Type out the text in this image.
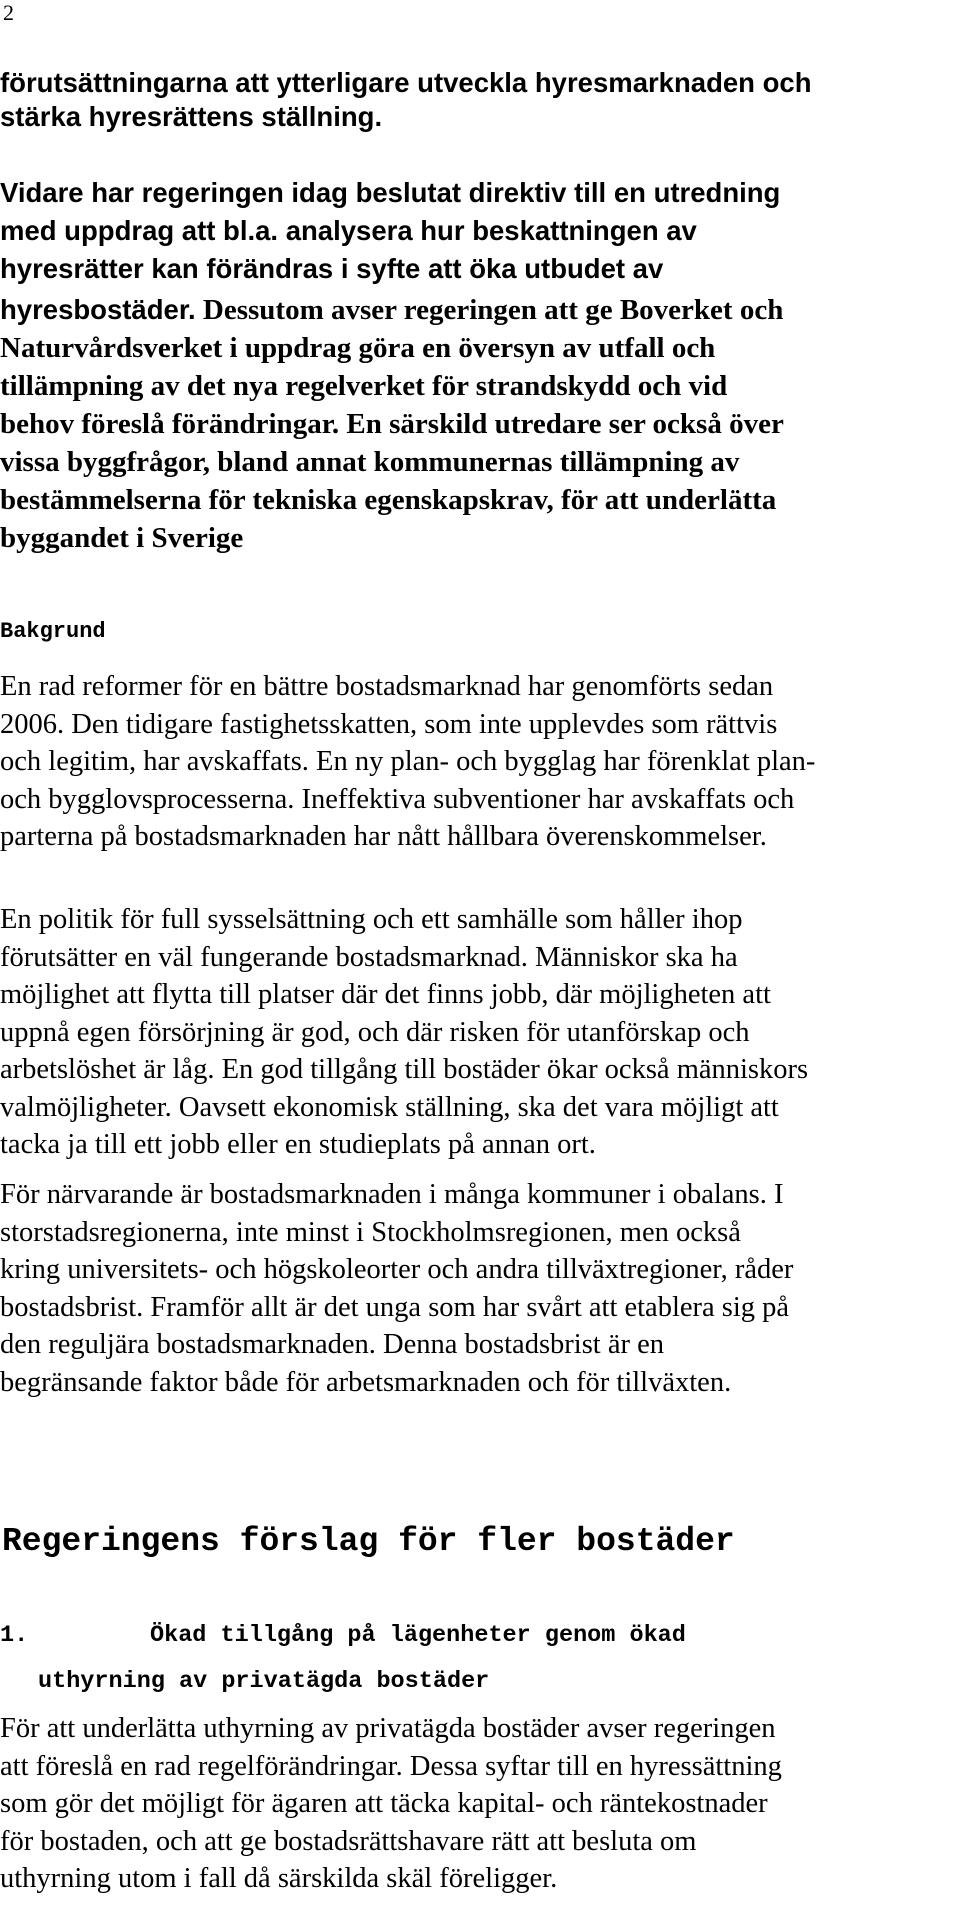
2
förutsättningarna att ytterligare utveckla hyresmarknaden och
stärka hyresrättens ställning.
Vidare har regeringen idag beslutat direktiv till en utredning
med uppdrag att bl.a. analysera hur beskattningen av
hyresrätter kan förändras i syfte att öka utbudet av
hyresbostäder. Dessutom avser regeringen att ge Boverket och
Naturvårdsverket i uppdrag göra en översyn av utfall och
tillämpning av det nya regelverket för strandskydd och vid
behov föreslå förändringar. En särskild utredare ser också över
vissa byggfrågor, bland annat kommunernas tillämpning av
bestämmelserna för tekniska egenskapskrav, för att underlätta
byggandet i Sverige
Bakgrund
En rad reformer för en bättre bostadsmarknad har genomförts sedan
2006. Den tidigare fastighetsskatten, som inte upplevdes som rättvis
och legitim, har avskaffats. En ny plan- och bygglag har förenklat plan-
och bygglovsprocesserna. Ineffektiva subventioner har avskaffats och
parterna på bostadsmarknaden har nått hållbara överenskommelser.
En politik för full sysselsättning och ett samhälle som håller ihop
förutsätter en väl fungerande bostadsmarknad. Människor ska ha
möjlighet att flytta till platser där det finns jobb, där möjligheten att
uppnå egen försörjning är god, och där risken för utanförskap och
arbetslöshet är låg. En god tillgång till bostäder ökar också människors
valmöjligheter. Oavsett ekonomisk ställning, ska det vara möjligt att
tacka ja till ett jobb eller en studieplats på annan ort.
För närvarande är bostadsmarknaden i många kommuner i obalans. I
storstadsregionerna, inte minst i Stockholmsregionen, men också
kring universitets- och högskoleorter och andra tillväxtregioner, råder
bostadsbrist. Framför allt är det unga som har svårt att etablera sig på
den reguljära bostadsmarknaden. Denna bostadsbrist är en
begränsande faktor både för arbetsmarknaden och för tillväxten.
Regeringens förslag för fler bostäder
1.	Ökad tillgång på lägenheter genom ökad
uthyrning av privatägda bostäder
För att underlätta uthyrning av privatägda bostäder avser regeringen
att föreslå en rad regelförändringar. Dessa syftar till en hyressättning
som gör det möjligt för ägaren att täcka kapital- och räntekostnader
för bostaden, och att ge bostadsrättshavare rätt att besluta om
uthyrning utom i fall då särskilda skäl föreligger.
